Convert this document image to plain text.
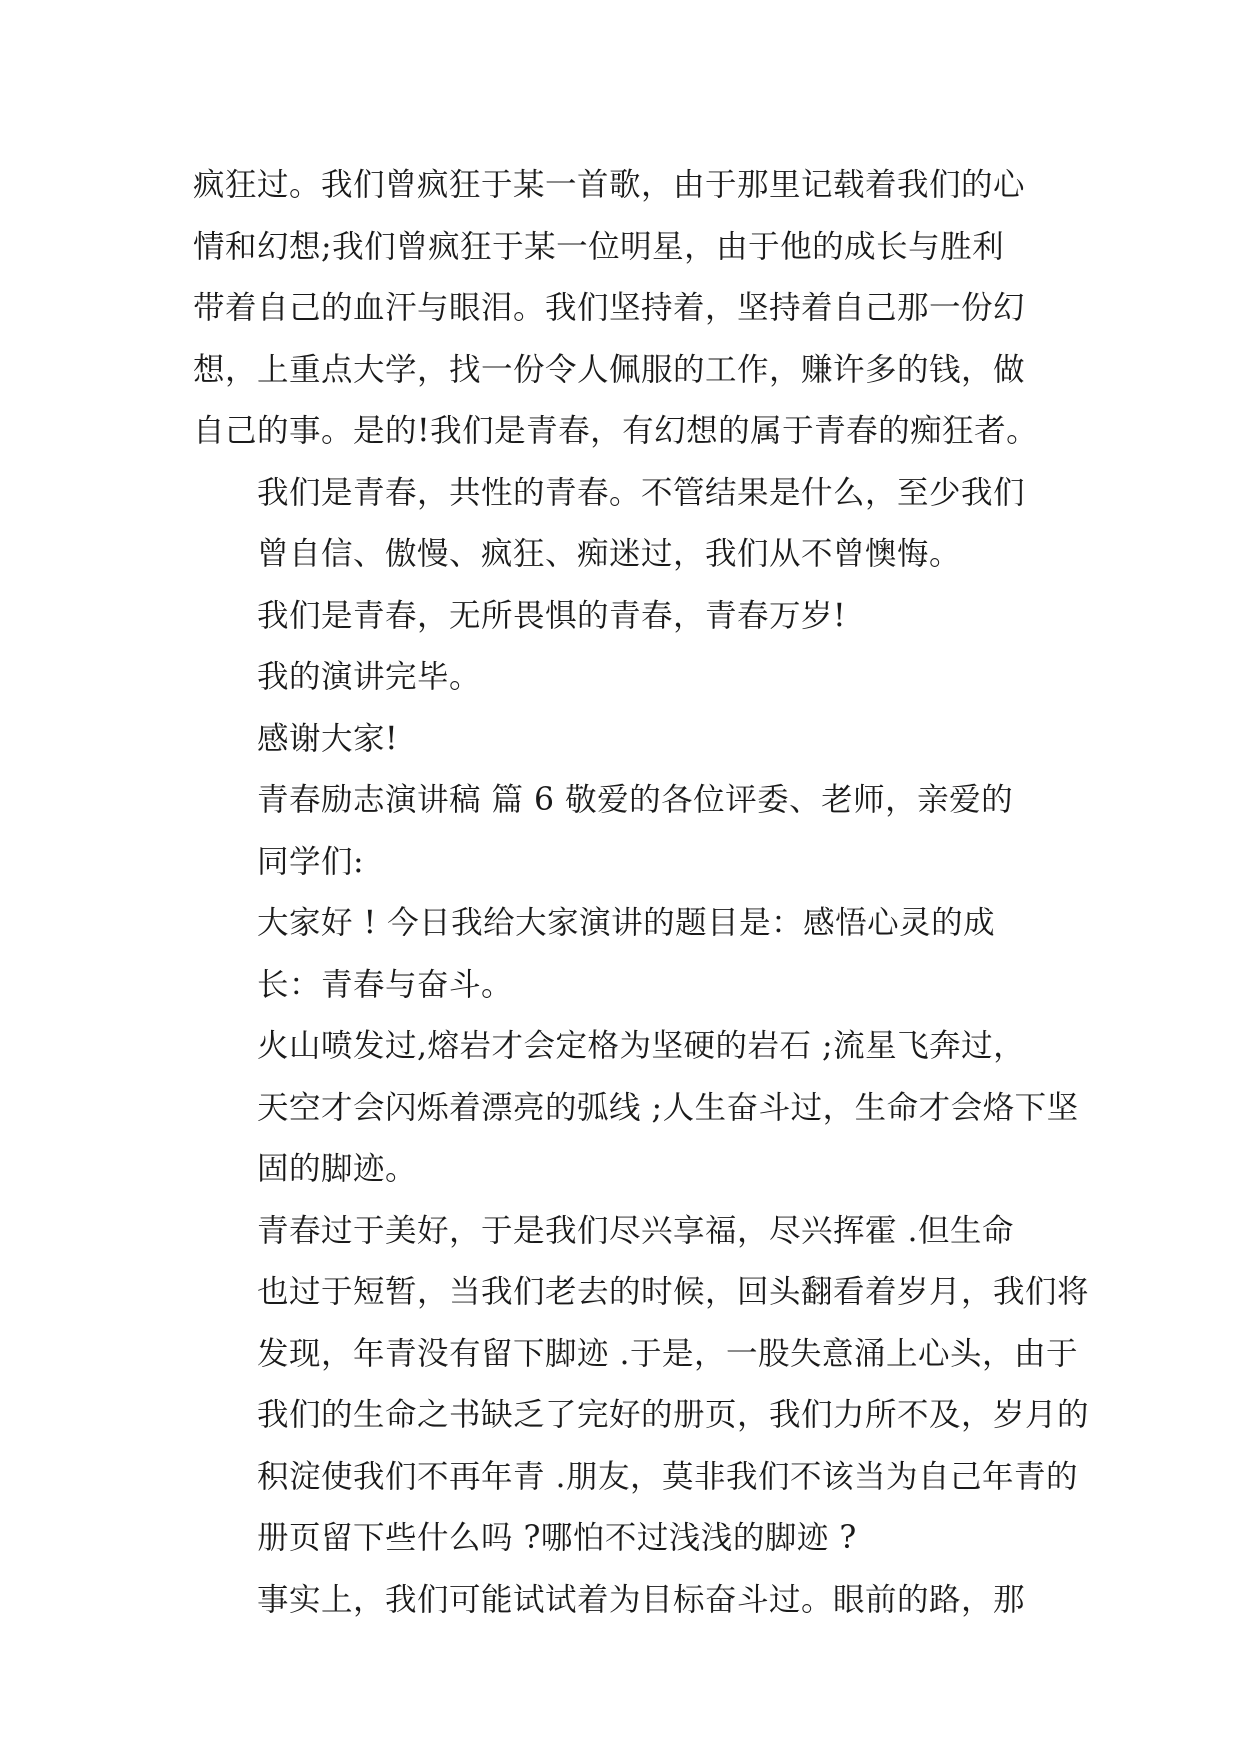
疯狂过。我们曾疯狂于某一首歌，由于那里记载着我们的心
情和幻想;我们曾疯狂于某一位明星，由于他的成长与胜利
带着自己的血汗与眼泪。我们坚持着，坚持着自己那一份幻
想，上重点大学，找一份令人佩服的工作，赚许多的钱，做
自己的事。是的!我们是青春，有幻想的属于青春的痴狂者。

我们是青春，共性的青春。不管结果是什么，至少我们
曾自信、傲慢、疯狂、痴迷过，我们从不曾懊悔。

我们是青春，无所畏惧的青春，青春万岁!

我的演讲完毕。

感谢大家!

青春励志演讲稿 篇 6 敬爱的各位评委、老师，亲爱的
同学们:

大家好 ! 今日我给大家演讲的题目是：感悟心灵的成
长：青春与奋斗。

火山喷发过,熔岩才会定格为坚硬的岩石 ;流星飞奔过，
天空才会闪烁着漂亮的弧线 ;人生奋斗过，生命才会烙下坚
固的脚迹。

青春过于美好，于是我们尽兴享福，尽兴挥霍 .但生命
也过于短暂，当我们老去的时候，回头翻看着岁月，我们将
发现，年青没有留下脚迹 .于是，一股失意涌上心头，由于
我们的生命之书缺乏了完好的册页，我们力所不及，岁月的
积淀使我们不再年青 .朋友，莫非我们不该当为自己年青的
册页留下些什么吗 ?哪怕不过浅浅的脚迹 ?

事实上，我们可能试试着为目标奋斗过。眼前的路，那
